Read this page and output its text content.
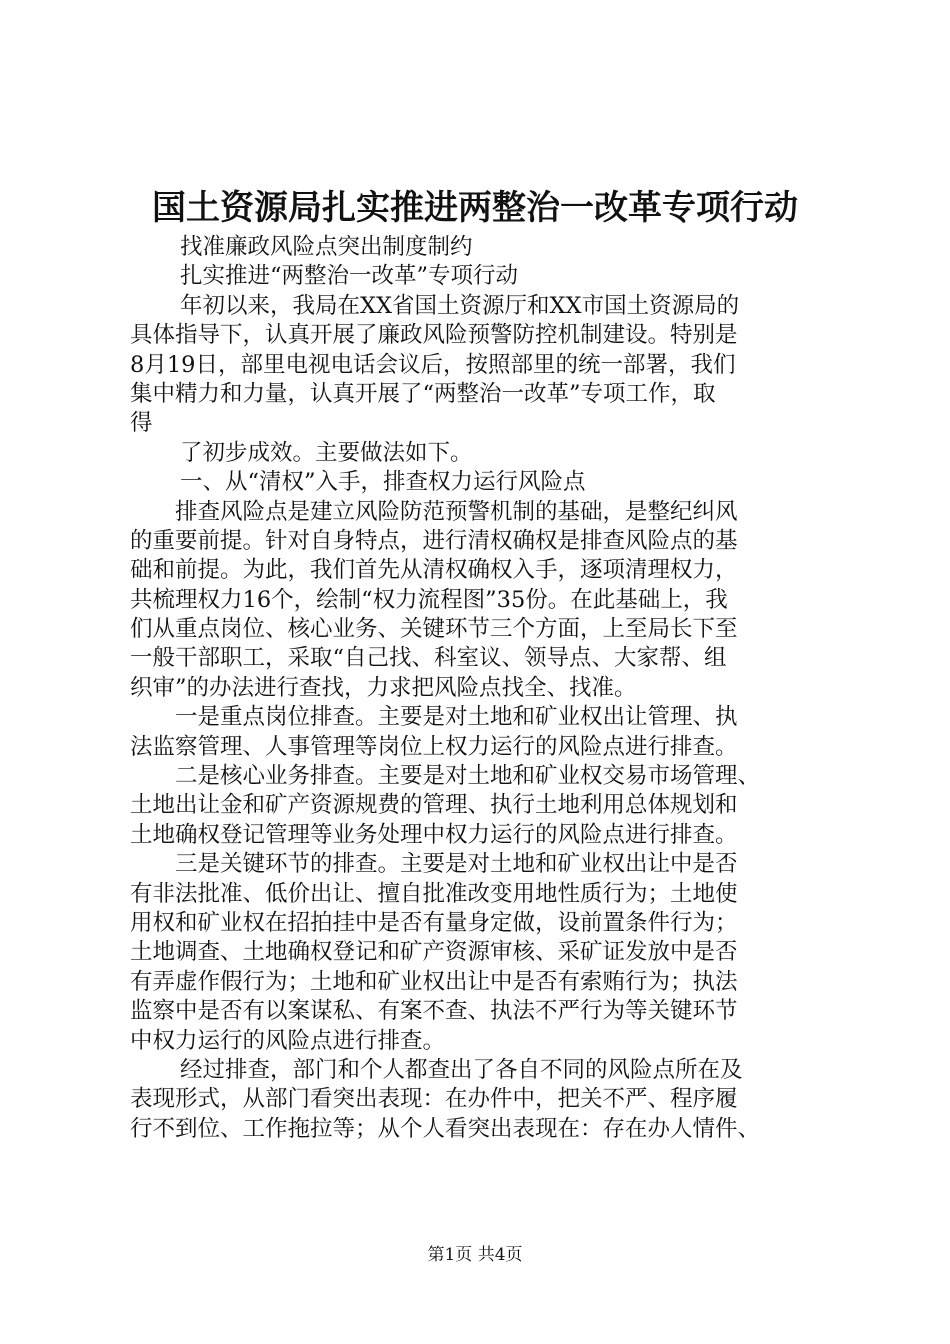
国土资源局扎实推进两整治一改革专项行动
找准廉政风险点突出制度制约
扎实推进“两整治一改革”专项行动
年初以来，我局在XX省国土资源厅和XX市国土资源局的
具体指导下，认真开展了廉政风险预警防控机制建设。特别是
8月19日，部里电视电话会议后，按照部里的统一部署，我们
集中精力和力量，认真开展了“两整治一改革”专项工作，取
得
了初步成效。主要做法如下。
一、从“清权”入手，排查权力运行风险点
排查风险点是建立风险防范预警机制的基础，是整纪纠风
的重要前提。针对自身特点，进行清权确权是排查风险点的基
础和前提。为此，我们首先从清权确权入手，逐项清理权力，
共梳理权力16个，绘制“权力流程图”35份。在此基础上，我
们从重点岗位、核心业务、关键环节三个方面，上至局长下至
一般干部职工，采取“自己找、科室议、领导点、大家帮、组
织审”的办法进行查找，力求把风险点找全、找准。
一是重点岗位排查。主要是对土地和矿业权出让管理、执
法监察管理、人事管理等岗位上权力运行的风险点进行排查。
二是核心业务排查。主要是对土地和矿业权交易市场管理、
土地出让金和矿产资源规费的管理、执行土地利用总体规划和
土地确权登记管理等业务处理中权力运行的风险点进行排查。
三是关键环节的排查。主要是对土地和矿业权出让中是否
有非法批准、低价出让、擅自批准改变用地性质行为；土地使
用权和矿业权在招拍挂中是否有量身定做，设前置条件行为；
土地调查、土地确权登记和矿产资源审核、采矿证发放中是否
有弄虚作假行为；土地和矿业权出让中是否有索贿行为；执法
监察中是否有以案谋私、有案不查、执法不严行为等关键环节
中权力运行的风险点进行排查。
经过排查，部门和个人都查出了各自不同的风险点所在及
表现形式，从部门看突出表现：在办件中，把关不严、程序履
行不到位、工作拖拉等；从个人看突出表现在：存在办人情件、
第1页 共4页
